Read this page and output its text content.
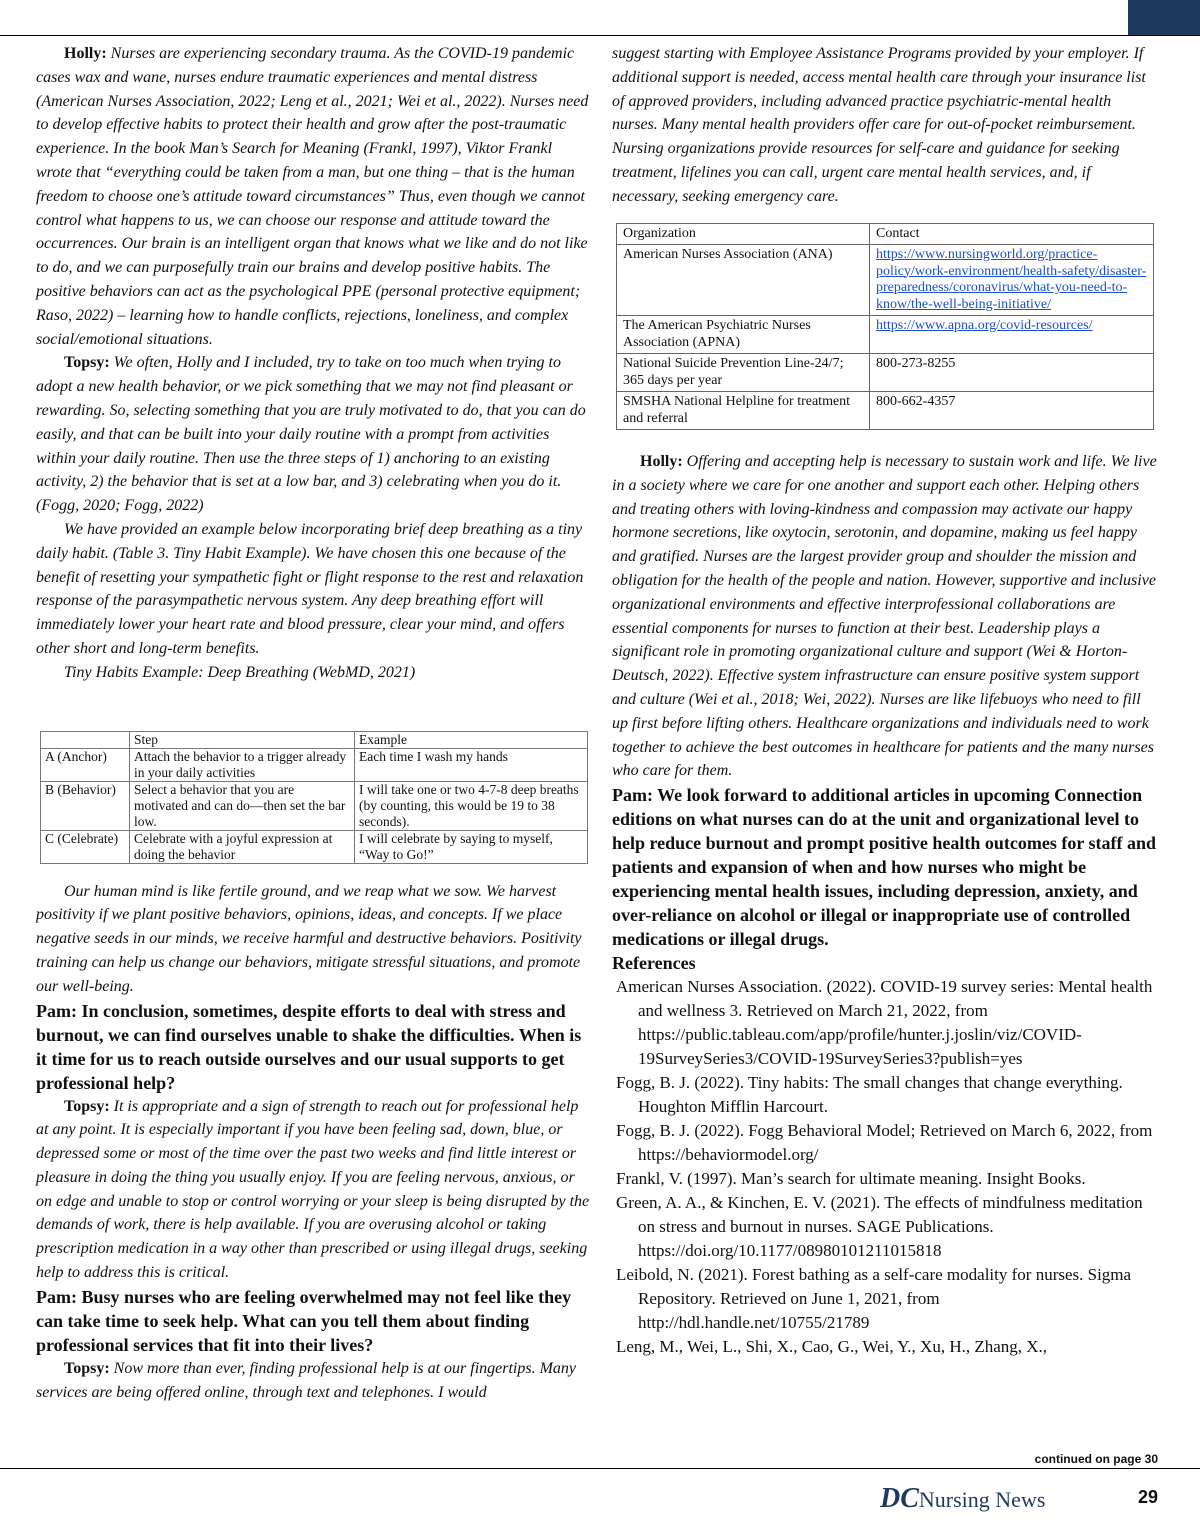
Holly: Nurses are experiencing secondary trauma. As the COVID-19 pandemic cases wax and wane, nurses endure traumatic experiences and mental distress (American Nurses Association, 2022; Leng et al., 2021; Wei et al., 2022). Nurses need to develop effective habits to protect their health and grow after the post-traumatic experience. In the book Man’s Search for Meaning (Frankl, 1997), Viktor Frankl wrote that “everything could be taken from a man, but one thing – that is the human freedom to choose one’s attitude toward circumstances” Thus, even though we cannot control what happens to us, we can choose our response and attitude toward the occurrences. Our brain is an intelligent organ that knows what we like and do not like to do, and we can purposefully train our brains and develop positive habits. The positive behaviors can act as the psychological PPE (personal protective equipment; Raso, 2022) – learning how to handle conflicts, rejections, loneliness, and complex social/emotional situations.

Topsy: We often, Holly and I included, try to take on too much when trying to adopt a new health behavior, or we pick something that we may not find pleasant or rewarding. So, selecting something that you are truly motivated to do, that you can do easily, and that can be built into your daily routine with a prompt from activities within your daily routine. Then use the three steps of 1) anchoring to an existing activity, 2) the behavior that is set at a low bar, and 3) celebrating when you do it. (Fogg, 2020; Fogg, 2022)

We have provided an example below incorporating brief deep breathing as a tiny daily habit. (Table 3. Tiny Habit Example). We have chosen this one because of the benefit of resetting your sympathetic fight or flight response to the rest and relaxation response of the parasympathetic nervous system. Any deep breathing effort will immediately lower your heart rate and blood pressure, clear your mind, and offers other short and long-term benefits.

Tiny Habits Example: Deep Breathing (WebMD, 2021)

	Step	Example
A (Anchor)	Attach the behavior to a trigger already in your daily activities	Each time I wash my hands
B (Behavior)	Select a behavior that you are motivated and can do—then set the bar low.	I will take one or two 4-7-8 deep breaths (by counting, this would be 19 to 38 seconds).
C (Celebrate)	Celebrate with a joyful expression at doing the behavior	I will celebrate by saying to myself, “Way to Go!”

Our human mind is like fertile ground, and we reap what we sow. We harvest positivity if we plant positive behaviors, opinions, ideas, and concepts. If we place negative seeds in our minds, we receive harmful and destructive behaviors. Positivity training can help us change our behaviors, mitigate stressful situations, and promote our well-being.

Pam: In conclusion, sometimes, despite efforts to deal with stress and burnout, we can find ourselves unable to shake the difficulties. When is it time for us to reach outside ourselves and our usual supports to get professional help?

Topsy: It is appropriate and a sign of strength to reach out for professional help at any point. It is especially important if you have been feeling sad, down, blue, or depressed some or most of the time over the past two weeks and find little interest or pleasure in doing the thing you usually enjoy. If you are feeling nervous, anxious, or on edge and unable to stop or control worrying or your sleep is being disrupted by the demands of work, there is help available. If you are overusing alcohol or taking prescription medication in a way other than prescribed or using illegal drugs, seeking help to address this is critical.

Pam: Busy nurses who are feeling overwhelmed may not feel like they can take time to seek help. What can you tell them about finding professional services that fit into their lives?

Topsy: Now more than ever, finding professional help is at our fingertips. Many services are being offered online, through text and telephones. I would

suggest starting with Employee Assistance Programs provided by your employer. If additional support is needed, access mental health care through your insurance list of approved providers, including advanced practice psychiatric-mental health nurses. Many mental health providers offer care for out-of-pocket reimbursement. Nursing organizations provide resources for self-care and guidance for seeking treatment, lifelines you can call, urgent care mental health services, and, if necessary, seeking emergency care.

Organization	Contact
American Nurses Association (ANA)	https://www.nursingworld.org/practice-policy/work-environment/health-safety/disaster-preparedness/coronavirus/what-you-need-to-know/the-well-being-initiative/
The American Psychiatric Nurses Association (APNA)	https://www.apna.org/covid-resources/
National Suicide Prevention Line-24/7; 365 days per year	800-273-8255
SMSHA National Helpline for treatment and referral	800-662-4357

Holly: Offering and accepting help is necessary to sustain work and life. We live in a society where we care for one another and support each other. Helping others and treating others with loving-kindness and compassion may activate our happy hormone secretions, like oxytocin, serotonin, and dopamine, making us feel happy and gratified. Nurses are the largest provider group and shoulder the mission and obligation for the health of the people and nation. However, supportive and inclusive organizational environments and effective interprofessional collaborations are essential components for nurses to function at their best. Leadership plays a significant role in promoting organizational culture and support (Wei & Horton-Deutsch, 2022). Effective system infrastructure can ensure positive system support and culture (Wei et al., 2018; Wei, 2022). Nurses are like lifebuoys who need to fill up first before lifting others. Healthcare organizations and individuals need to work together to achieve the best outcomes in healthcare for patients and the many nurses who care for them.

Pam: We look forward to additional articles in upcoming Connection editions on what nurses can do at the unit and organizational level to help reduce burnout and prompt positive health outcomes for staff and patients and expansion of when and how nurses who might be experiencing mental health issues, including depression, anxiety, and over-reliance on alcohol or illegal or inappropriate use of controlled medications or illegal drugs.

References

American Nurses Association. (2022). COVID-19 survey series: Mental health and wellness 3. Retrieved on March 21, 2022, from https://public.tableau.com/app/profile/hunter.j.joslin/viz/COVID-19SurveySeries3/COVID-19SurveySeries3?publish=yes

Fogg, B. J. (2022). Tiny habits: The small changes that change everything. Houghton Mifflin Harcourt.

Fogg, B. J. (2022). Fogg Behavioral Model; Retrieved on March 6, 2022, from https://behaviormodel.org/

Frankl, V. (1997). Man’s search for ultimate meaning. Insight Books.

Green, A. A., & Kinchen, E. V. (2021). The effects of mindfulness meditation on stress and burnout in nurses. SAGE Publications. https://doi.org/10.1177/08980101211015818

Leibold, N. (2021). Forest bathing as a self-care modality for nurses. Sigma Repository. Retrieved on June 1, 2021, from http://hdl.handle.net/10755/21789

Leng, M., Wei, L., Shi, X., Cao, G., Wei, Y., Xu, H., Zhang, X.,

continued on page 30
DCNursing News	29
